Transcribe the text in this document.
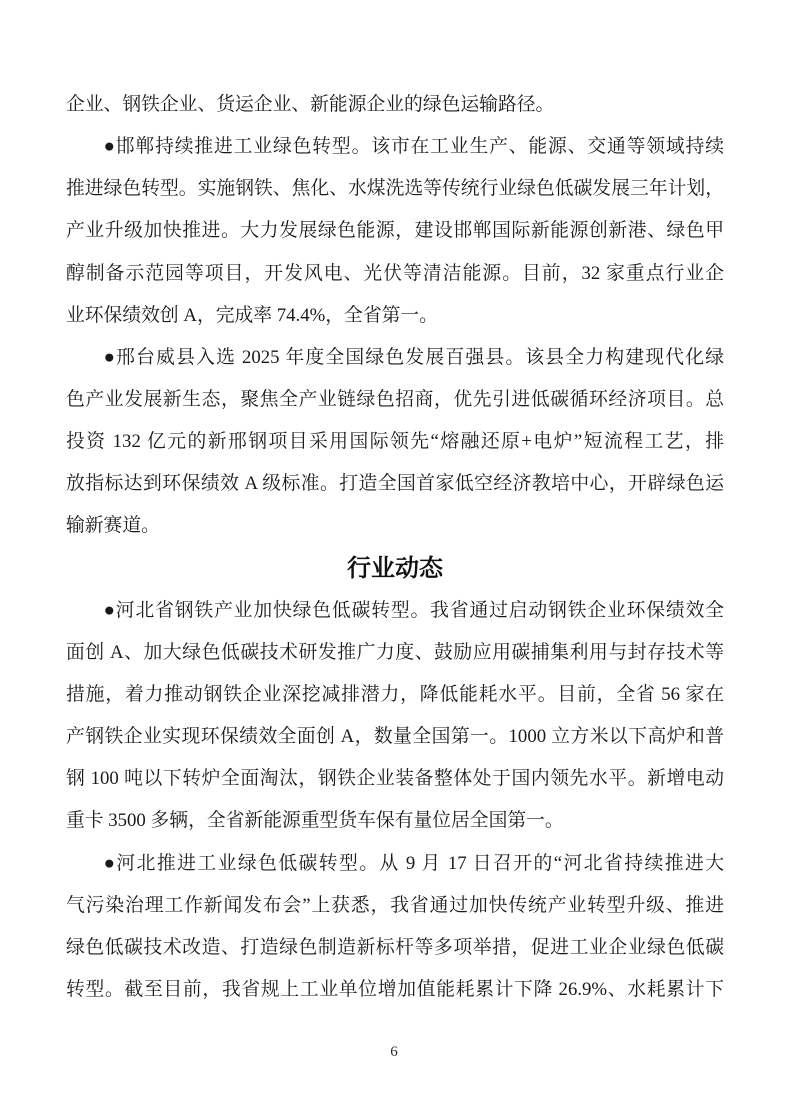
企业、钢铁企业、货运企业、新能源企业的绿色运输路径。
●邯郸持续推进工业绿色转型。该市在工业生产、能源、交通等领域持续
推进绿色转型。实施钢铁、焦化、水煤洗选等传统行业绿色低碳发展三年计划，
产业升级加快推进。大力发展绿色能源，建设邯郸国际新能源创新港、绿色甲
醇制备示范园等项目，开发风电、光伏等清洁能源。目前，32 家重点行业企
业环保绩效创 A，完成率 74.4%，全省第一。
●邢台威县入选 2025 年度全国绿色发展百强县。该县全力构建现代化绿
色产业发展新生态，聚焦全产业链绿色招商，优先引进低碳循环经济项目。总
投资 132 亿元的新邢钢项目采用国际领先“熔融还原+电炉”短流程工艺，排
放指标达到环保绩效 A 级标准。打造全国首家低空经济教培中心，开辟绿色运
输新赛道。
行业动态
●河北省钢铁产业加快绿色低碳转型。我省通过启动钢铁企业环保绩效全
面创 A、加大绿色低碳技术研发推广力度、鼓励应用碳捕集利用与封存技术等
措施，着力推动钢铁企业深挖减排潜力，降低能耗水平。目前，全省 56 家在
产钢铁企业实现环保绩效全面创 A，数量全国第一。1000 立方米以下高炉和普
钢 100 吨以下转炉全面淘汰，钢铁企业装备整体处于国内领先水平。新增电动
重卡 3500 多辆，全省新能源重型货车保有量位居全国第一。
●河北推进工业绿色低碳转型。从 9 月 17 日召开的“河北省持续推进大
气污染治理工作新闻发布会”上获悉，我省通过加快传统产业转型升级、推进
绿色低碳技术改造、打造绿色制造新标杆等多项举措，促进工业企业绿色低碳
转型。截至目前，我省规上工业单位增加值能耗累计下降 26.9%、水耗累计下
6
